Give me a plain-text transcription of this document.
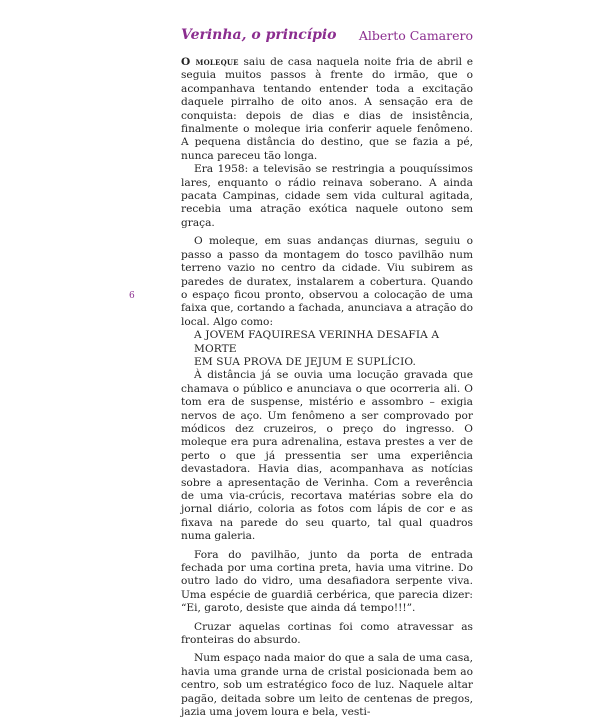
Verinha, o princípio Alberto Camarero
6

O moleque saiu de casa naquela noite fria de abril e seguia muitos passos à frente do irmão, que o acompanhava tentando entender toda a excitação daquele pirralho de oito anos. A sensação era de conquista: depois de dias e dias de insistência, finalmente o moleque iria conferir aquele fenômeno. A pequena distância do destino, que se fazia a pé, nunca pareceu tão longa.

Era 1958: a televisão se restringia a pouquíssimos lares, enquanto o rádio reinava soberano. A ainda pacata Campinas, cidade sem vida cultural agitada, recebia uma atração exótica naquele outono sem graça.

O moleque, em suas andanças diurnas, seguiu o passo a passo da montagem do tosco pavilhão num terreno vazio no centro da cidade. Viu subirem as paredes de duratex, instalarem a cobertura. Quando o espaço ficou pronto, observou a colocação de uma faixa que, cortando a fachada, anunciava a atração do local. Algo como:

A JOVEM FAQUIRESA VERINHA DESAFIA A MORTE
EM SUA PROVA DE JEJUM E SUPLÍCIO.

À distância já se ouvia uma locução gravada que chamava o público e anunciava o que ocorreria ali. O tom era de suspense, mistério e assombro – exigia nervos de aço. Um fenômeno a ser comprovado por módicos dez cruzeiros, o preço do ingresso. O moleque era pura adrenalina, estava prestes a ver de perto o que já pressentia ser uma experiência devastadora. Havia dias, acompanhava as notícias sobre a apresentação de Verinha. Com a reverência de uma via-crúcis, recortava matérias sobre ela do jornal diário, coloria as fotos com lápis de cor e as fixava na parede do seu quarto, tal qual quadros numa galeria.

Fora do pavilhão, junto da porta de entrada fechada por uma cortina preta, havia uma vitrine. Do outro lado do vidro, uma desafiadora serpente viva. Uma espécie de guardiã cerbérica, que parecia dizer: “Ei, garoto, desiste que ainda dá tempo!!!”.

Cruzar aquelas cortinas foi como atravessar as fronteiras do absurdo.

Num espaço nada maior do que a sala de uma casa, havia uma grande urna de cristal posicionada bem ao centro, sob um estratégico foco de luz. Naquele altar pagão, deitada sobre um leito de centenas de pregos, jazia uma jovem loura e bela, vesti-
